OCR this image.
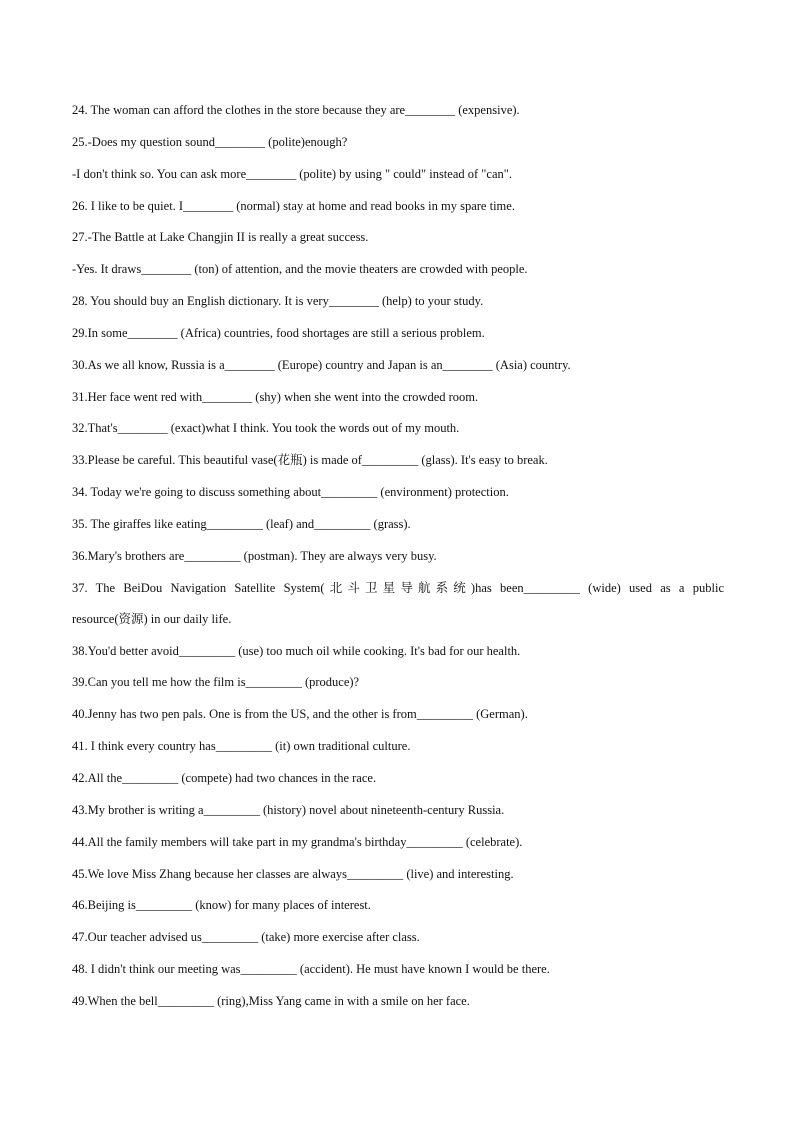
24. The woman can afford the clothes in the store because they are________ (expensive).
25.-Does my question sound________ (polite)enough?
-I don't think so. You can ask more________ (polite) by using " could" instead of "can".
26. I like to be quiet. I________ (normal) stay at home and read books in my spare time.
27.-The Battle at Lake Changjin II is really a great success.
-Yes. It draws________ (ton) of attention, and the movie theaters are crowded with people.
28. You should buy an English dictionary. It is very________ (help) to your study.
29.In some________ (Africa) countries, food shortages are still a serious problem.
30.As we all know, Russia is a________ (Europe) country and Japan is an________ (Asia) country.
31.Her face went red with________ (shy) when she went into the crowded room.
32.That's________ (exact)what I think. You took the words out of my mouth.
33.Please be careful. This beautiful vase(花瓶) is made of_________ (glass). It's easy to break.
34. Today we're going to discuss something about_________ (environment) protection.
35. The giraffes like eating_________ (leaf) and_________ (grass).
36.Mary's brothers are_________ (postman). They are always very busy.
37. The BeiDou Navigation Satellite System(北斗卫星导航系统)has been_________ (wide) used as a public
resource(资源) in our daily life.
38.You'd better avoid_________ (use) too much oil while cooking. It's bad for our health.
39.Can you tell me how the film is_________ (produce)?
40.Jenny has two pen pals. One is from the US, and the other is from_________ (German).
41. I think every country has_________ (it) own traditional culture.
42.All the_________ (compete) had two chances in the race.
43.My brother is writing a_________ (history) novel about nineteenth-century Russia.
44.All the family members will take part in my grandma's birthday_________ (celebrate).
45.We love Miss Zhang because her classes are always_________ (live) and interesting.
46.Beijing is_________ (know) for many places of interest.
47.Our teacher advised us_________ (take) more exercise after class.
48. I didn't think our meeting was_________ (accident). He must have known I would be there.
49.When the bell_________ (ring),Miss Yang came in with a smile on her face.
